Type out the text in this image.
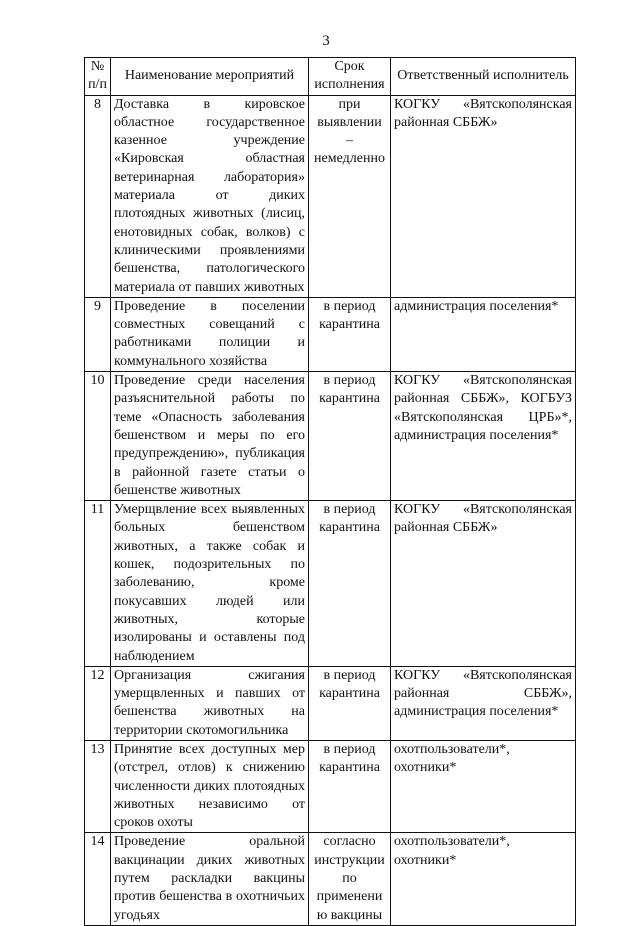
3
№ п/п	Наименование мероприятий	Срок исполнения	Ответственный исполнитель

8	Доставка в кировское областное государственное казенное учреждение «Кировская областная ветеринарная лаборатория» материала от диких плотоядных животных (лисиц, енотовидных собак, волков) с клиническими проявлениями бешенства, патологического материала от павших животных	при выявлении – немедленно	КОГКУ «Вятскополянская районная СББЖ»
9	Проведение в поселении совместных совещаний с работниками полиции и коммунального хозяйства	в период карантина	администрация поселения*
10	Проведение среди населения разъяснительной работы по теме «Опасность заболевания бешенством и меры по его предупреждению», публикация в районной газете статьи о бешенстве животных	в период карантина	КОГКУ «Вятскополянская районная СББЖ», КОГБУЗ «Вятскополянская ЦРБ»*, администрация поселения*
11	Умерщвление всех выявленных больных бешенством животных, а также собак и кошек, подозрительных по заболеванию, кроме покусавших людей или животных, которые изолированы и оставлены под наблюдением	в период карантина	КОГКУ «Вятскополянская районная СББЖ»
12	Организация сжигания умерщвленных и павших от бешенства животных на территории скотомогильника	в период карантина	КОГКУ «Вятскополянская районная СББЖ», администрация поселения*
13	Принятие всех доступных мер (отстрел, отлов) к снижению численности диких плотоядных животных независимо от сроков охоты	в период карантина	охотпользователи*, охотники*
14	Проведение оральной вакцинации диких животных путем раскладки вакцины против бешенства в охотничьих угодьях	согласно инструкции по применению вакцины	охотпользователи*, охотники*
